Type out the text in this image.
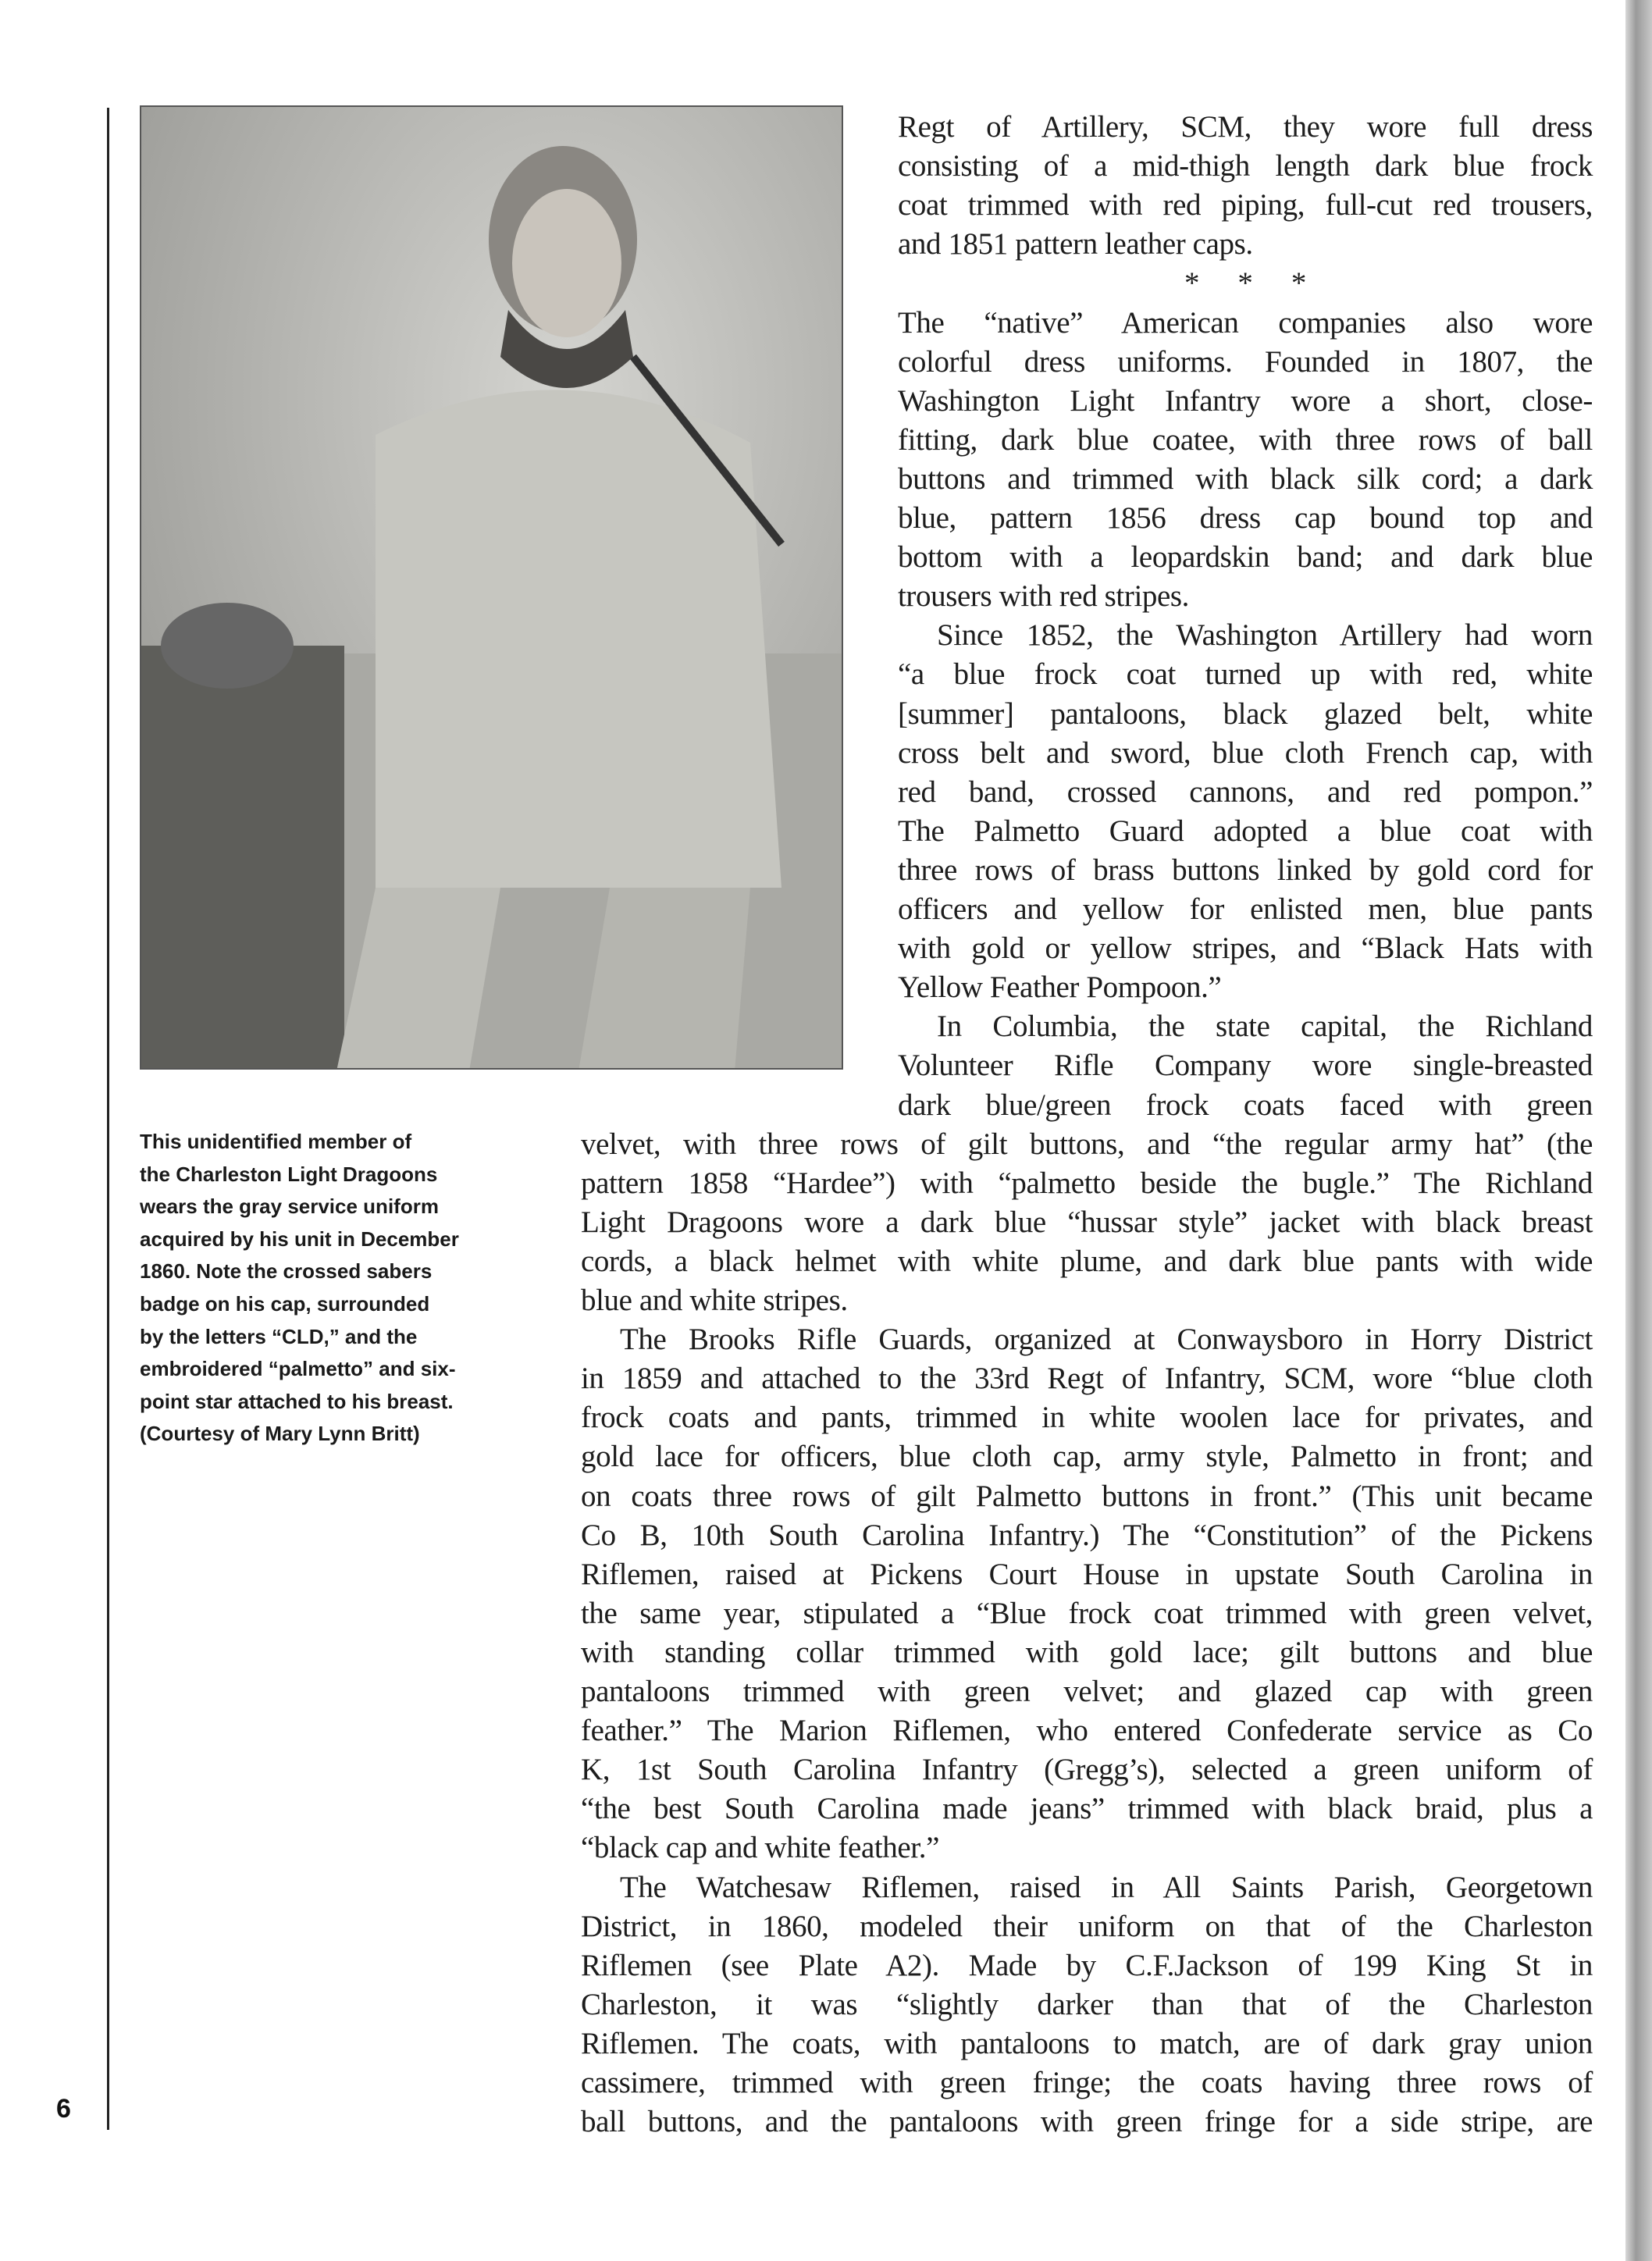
This unidentified member of
the Charleston Light Dragoons
wears the gray service uniform
acquired by his unit in December
1860. Note the crossed sabers
badge on his cap, surrounded
by the letters “CLD,” and the
embroidered “palmetto” and six-
point star attached to his breast.
(Courtesy of Mary Lynn Britt)
Regt of Artillery, SCM, they wore full dress
consisting of a mid-thigh length dark blue frock
coat trimmed with red piping, full-cut red trousers,
and 1851 pattern leather caps.
* * *
The “native” American companies also wore
colorful dress uniforms. Founded in 1807, the
Washington Light Infantry wore a short, close-
fitting, dark blue coatee, with three rows of ball
buttons and trimmed with black silk cord; a dark
blue, pattern 1856 dress cap bound top and
bottom with a leopardskin band; and dark blue
trousers with red stripes.
Since 1852, the Washington Artillery had worn
“a blue frock coat turned up with red, white
[summer] pantaloons, black glazed belt, white
cross belt and sword, blue cloth French cap, with
red band, crossed cannons, and red pompon.”
The Palmetto Guard adopted a blue coat with
three rows of brass buttons linked by gold cord for
officers and yellow for enlisted men, blue pants
with gold or yellow stripes, and “Black Hats with
Yellow Feather Pompoon.”
In Columbia, the state capital, the Richland
Volunteer Rifle Company wore single-breasted
dark blue/green frock coats faced with green
velvet, with three rows of gilt buttons, and “the regular army hat” (the
pattern 1858 “Hardee”) with “palmetto beside the bugle.” The Richland
Light Dragoons wore a dark blue “hussar style” jacket with black breast
cords, a black helmet with white plume, and dark blue pants with wide
blue and white stripes.
The Brooks Rifle Guards, organized at Conwaysboro in Horry District
in 1859 and attached to the 33rd Regt of Infantry, SCM, wore “blue cloth
frock coats and pants, trimmed in white woolen lace for privates, and
gold lace for officers, blue cloth cap, army style, Palmetto in front; and
on coats three rows of gilt Palmetto buttons in front.” (This unit became
Co B, 10th South Carolina Infantry.) The “Constitution” of the Pickens
Riflemen, raised at Pickens Court House in upstate South Carolina in
the same year, stipulated a “Blue frock coat trimmed with green velvet,
with standing collar trimmed with gold lace; gilt buttons and blue
pantaloons trimmed with green velvet; and glazed cap with green
feather.” The Marion Riflemen, who entered Confederate service as Co
K, 1st South Carolina Infantry (Gregg’s), selected a green uniform of
“the best South Carolina made jeans” trimmed with black braid, plus a
“black cap and white feather.”
The Watchesaw Riflemen, raised in All Saints Parish, Georgetown
District, in 1860, modeled their uniform on that of the Charleston
Riflemen (see Plate A2). Made by C.F.Jackson of 199 King St in
Charleston, it was “slightly darker than that of the Charleston
Riflemen. The coats, with pantaloons to match, are of dark gray union
cassimere, trimmed with green fringe; the coats having three rows of
ball buttons, and the pantaloons with green fringe for a side stripe, are
6
